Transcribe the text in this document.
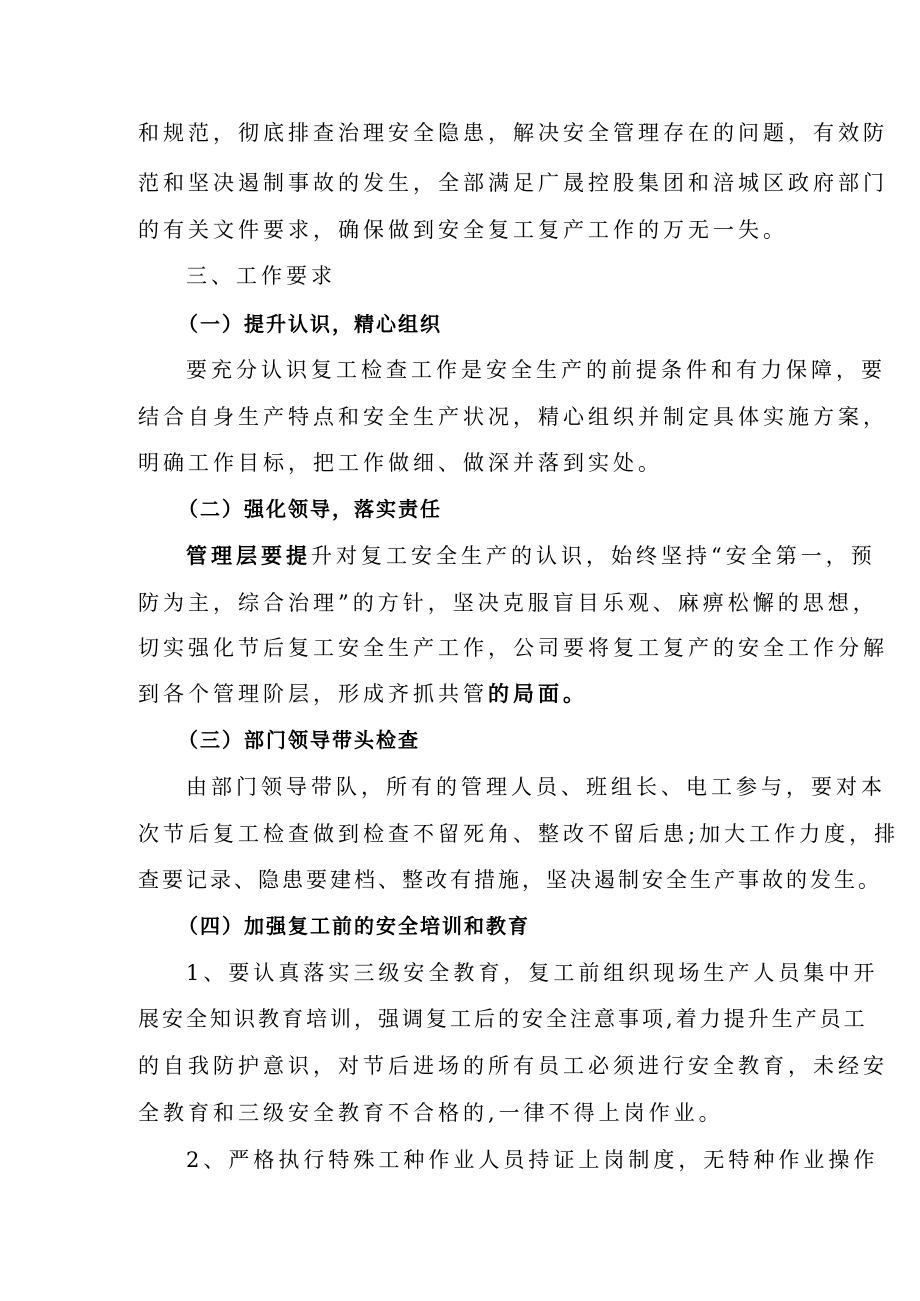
和规范，彻底排查治理安全隐患，解决安全管理存在的问题，有效防
范和坚决遏制事故的发生，全部满足广晟控股集团和涪城区政府部门
的有关文件要求，确保做到安全复工复产工作的万无一失。
三、工作要求
（一）提升认识，精心组织
要充分认识复工检查工作是安全生产的前提条件和有力保障，要
结合自身生产特点和安全生产状况，精心组织并制定具体实施方案，
明确工作目标，把工作做细、做深并落到实处。
（二）强化领导，落实责任
管理层要提升对复工安全生产的认识，始终坚持“安全第一，预
防为主，综合治理”的方针，坚决克服盲目乐观、麻痹松懈的思想，
切实强化节后复工安全生产工作，公司要将复工复产的安全工作分解
到各个管理阶层，形成齐抓共管的局面。
（三）部门领导带头检查
由部门领导带队，所有的管理人员、班组长、电工参与，要对本
次节后复工检查做到检查不留死角、整改不留后患;加大工作力度，排
查要记录、隐患要建档、整改有措施，坚决遏制安全生产事故的发生。
（四）加强复工前的安全培训和教育
1、要认真落实三级安全教育，复工前组织现场生产人员集中开
展安全知识教育培训，强调复工后的安全注意事项,着力提升生产员工
的自我防护意识，对节后进场的所有员工必须进行安全教育，未经安
全教育和三级安全教育不合格的,一律不得上岗作业。
2、严格执行特殊工种作业人员持证上岗制度，无特种作业操作
